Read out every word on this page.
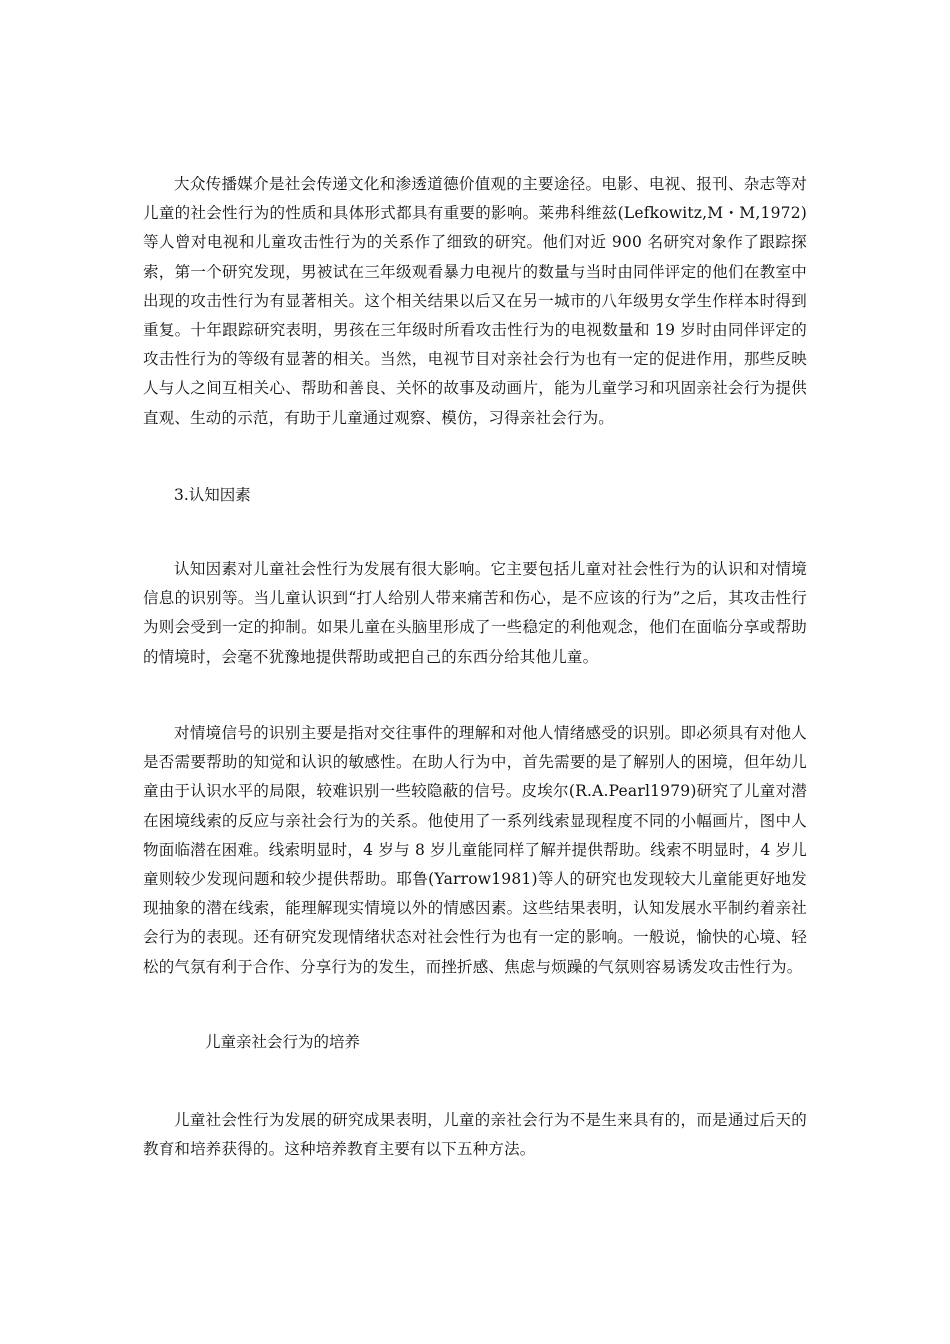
大众传播媒介是社会传递文化和渗透道德价值观的主要途径。电影、电视、报刊、杂志等对儿童的社会性行为的性质和具体形式都具有重要的影响。莱弗科维兹(Lefkowitz,M・M,1972)等人曾对电视和儿童攻击性行为的关系作了细致的研究。他们对近 900 名研究对象作了跟踪探索，第一个研究发现，男被试在三年级观看暴力电视片的数量与当时由同伴评定的他们在教室中出现的攻击性行为有显著相关。这个相关结果以后又在另一城市的八年级男女学生作样本时得到重复。十年跟踪研究表明，男孩在三年级时所看攻击性行为的电视数量和 19 岁时由同伴评定的攻击性行为的等级有显著的相关。当然，电视节目对亲社会行为也有一定的促进作用，那些反映人与人之间互相关心、帮助和善良、关怀的故事及动画片，能为儿童学习和巩固亲社会行为提供直观、生动的示范，有助于儿童通过观察、模仿，习得亲社会行为。

3.认知因素

认知因素对儿童社会性行为发展有很大影响。它主要包括儿童对社会性行为的认识和对情境信息的识别等。当儿童认识到“打人给别人带来痛苦和伤心，是不应该的行为”之后，其攻击性行为则会受到一定的抑制。如果儿童在头脑里形成了一些稳定的利他观念，他们在面临分享或帮助的情境时，会毫不犹豫地提供帮助或把自己的东西分给其他儿童。

对情境信号的识别主要是指对交往事件的理解和对他人情绪感受的识别。即必须具有对他人是否需要帮助的知觉和认识的敏感性。在助人行为中，首先需要的是了解别人的困境，但年幼儿童由于认识水平的局限，较难识别一些较隐蔽的信号。皮埃尔(R.A.Pearl1979)研究了儿童对潜在困境线索的反应与亲社会行为的关系。他使用了一系列线索显现程度不同的小幅画片，图中人物面临潜在困难。线索明显时，4 岁与 8 岁儿童能同样了解并提供帮助。线索不明显时，4 岁儿童则较少发现问题和较少提供帮助。耶鲁(Yarrow1981)等人的研究也发现较大儿童能更好地发现抽象的潜在线索，能理解现实情境以外的情感因素。这些结果表明，认知发展水平制约着亲社会行为的表现。还有研究发现情绪状态对社会性行为也有一定的影响。一般说，愉快的心境、轻松的气氛有利于合作、分享行为的发生，而挫折感、焦虑与烦躁的气氛则容易诱发攻击性行为。

儿童亲社会行为的培养

儿童社会性行为发展的研究成果表明，儿童的亲社会行为不是生来具有的，而是通过后天的教育和培养获得的。这种培养教育主要有以下五种方法。
